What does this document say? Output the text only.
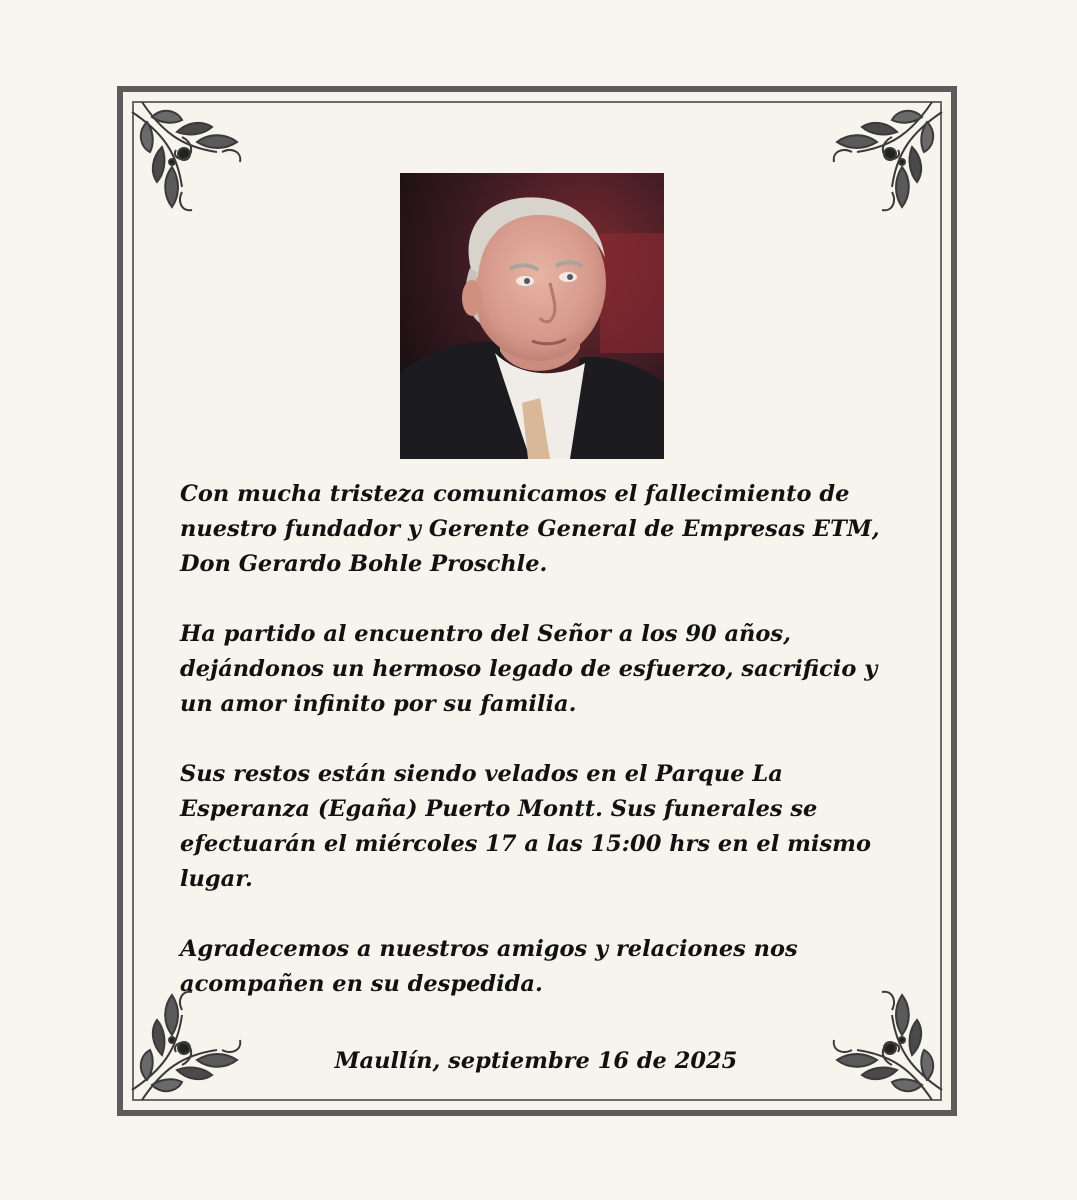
Con mucha tristeza comunicamos el fallecimiento de nuestro fundador y Gerente General de Empresas ETM, Don Gerardo Bohle Proschle.

Ha partido al encuentro del Señor a los 90 años, dejándonos un hermoso legado de esfuerzo, sacrificio y un amor infinito por su familia.

Sus restos están siendo velados en el Parque La Esperanza (Egaña) Puerto Montt. Sus funerales se efectuarán el miércoles 17 a las 15:00 hrs en el mismo lugar.

Agradecemos a nuestros amigos y relaciones nos acompañen en su despedida.

Maullín, septiembre 16 de 2025
